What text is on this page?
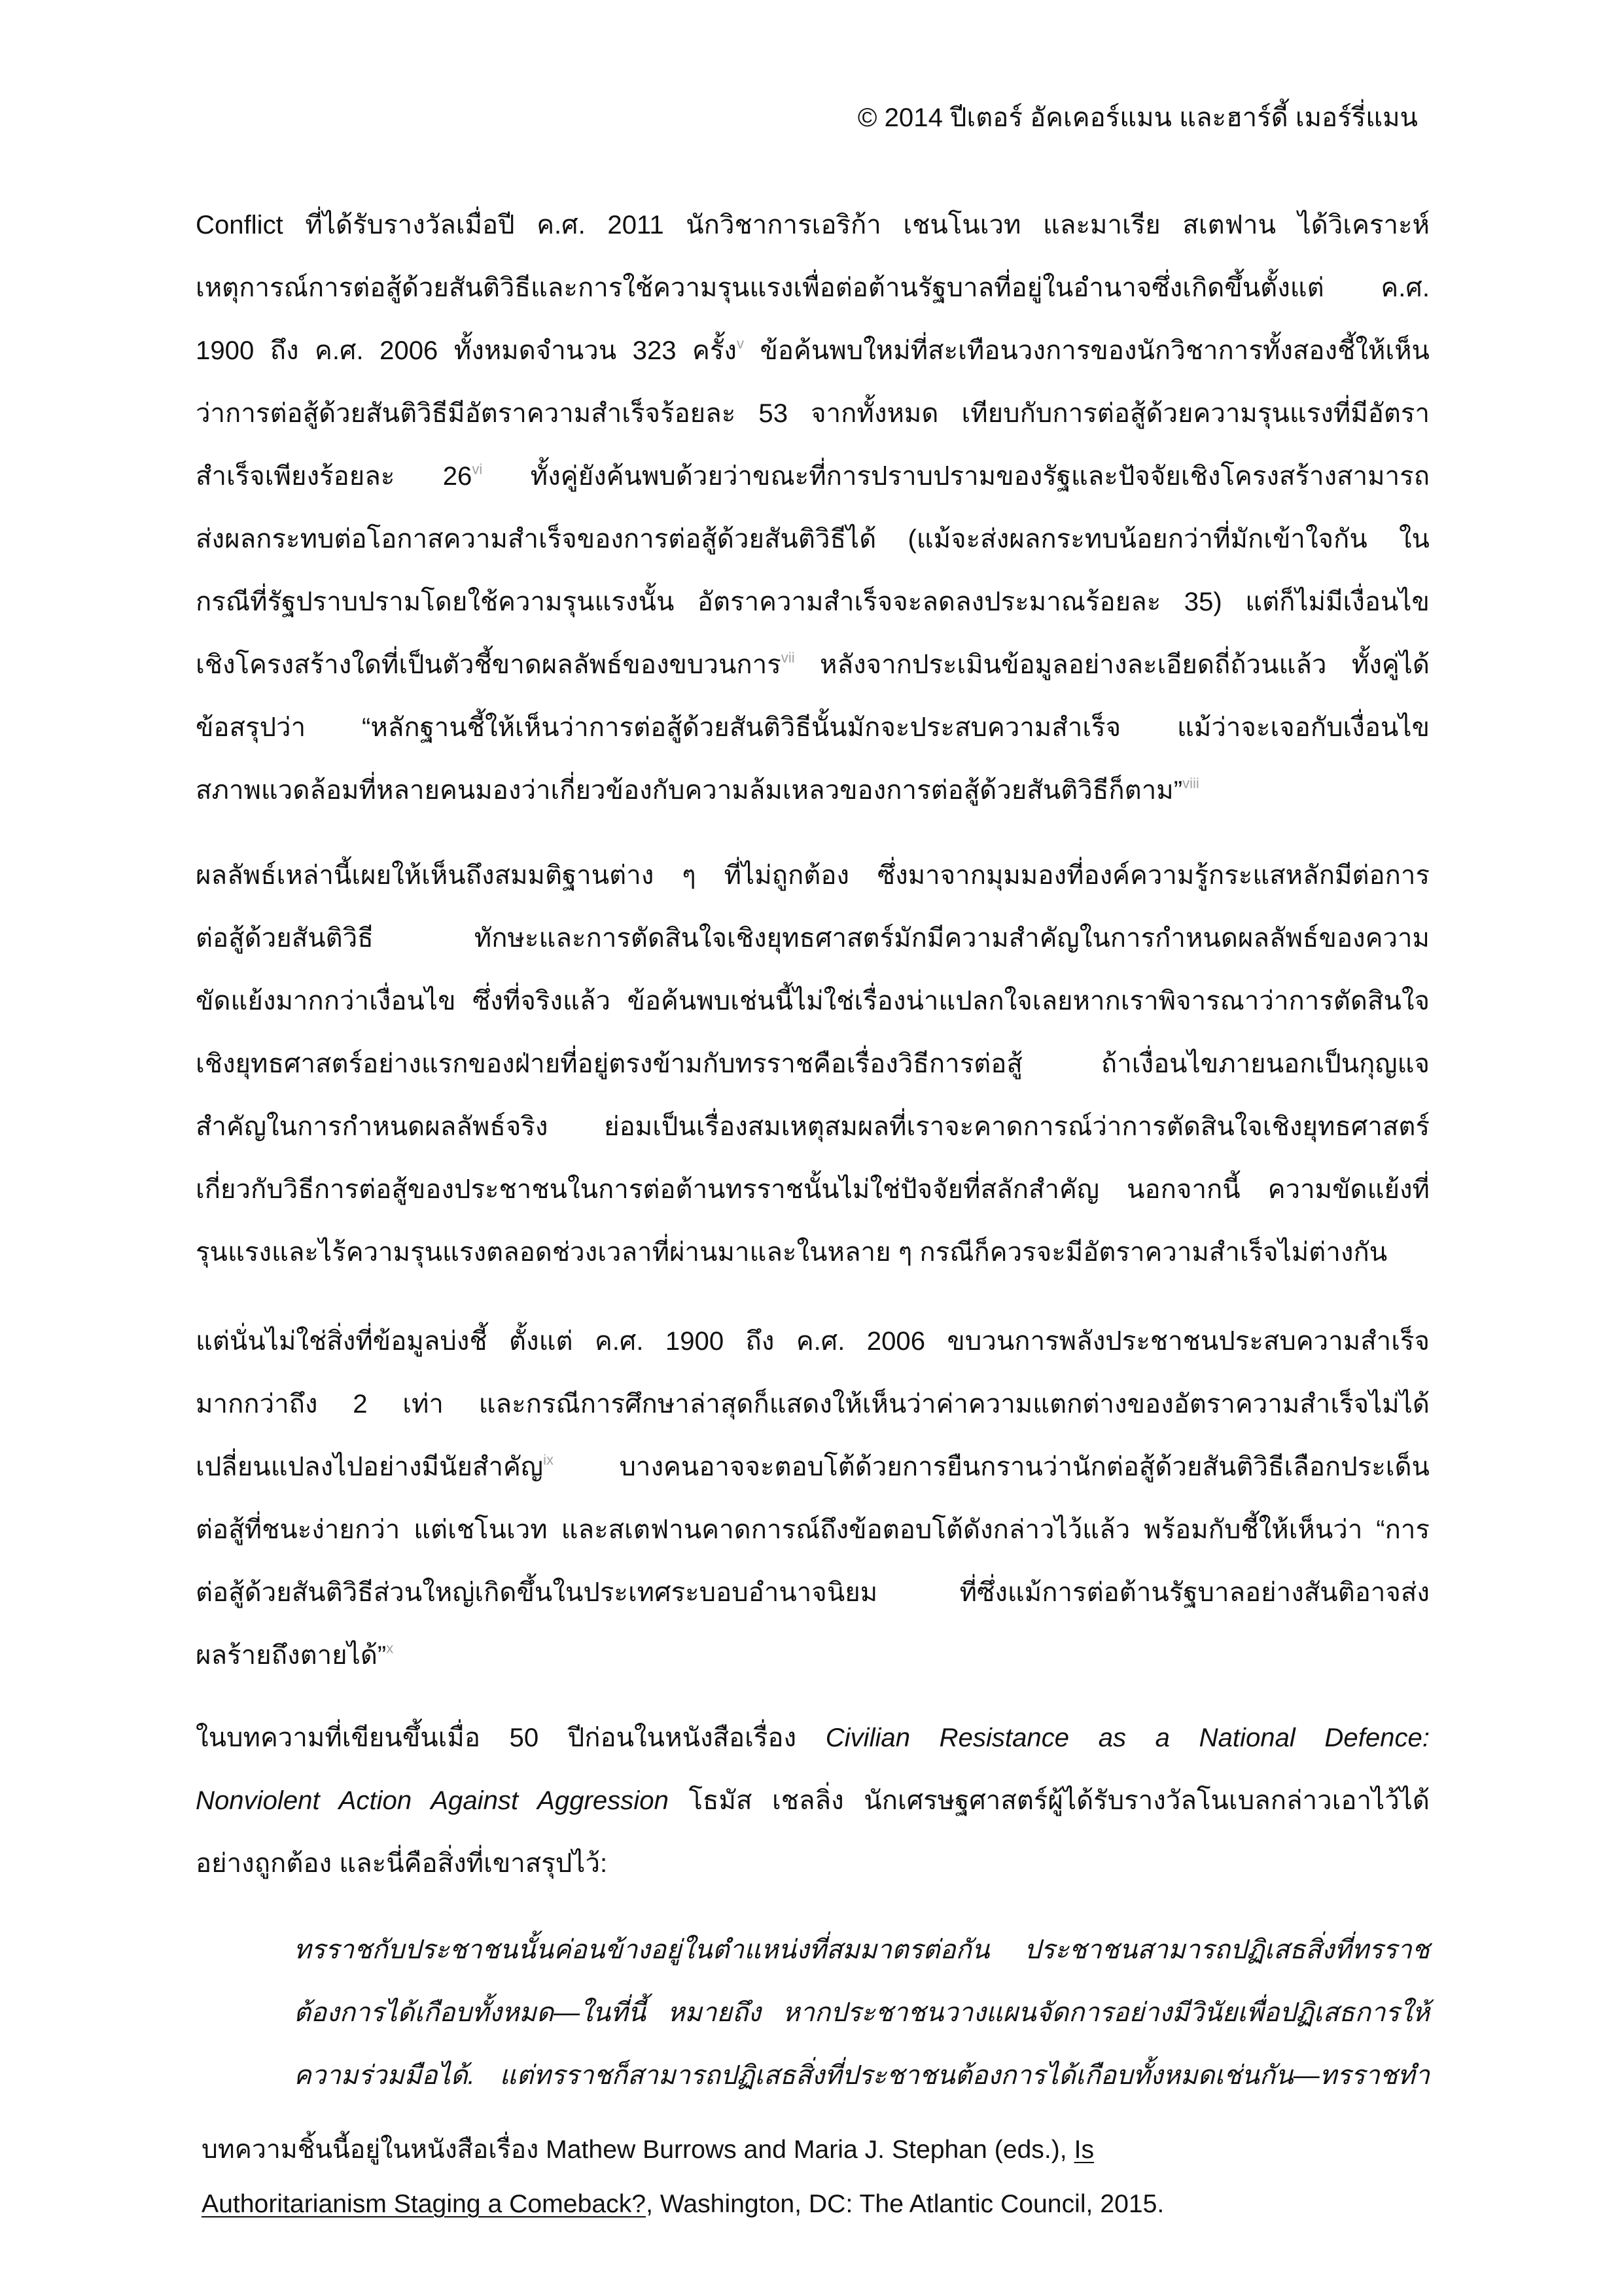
© 2014 ปีเตอร์ อัคเคอร์แมน และฮาร์ดี้ เมอร์รี่แมน
Conflict ที่ได้รับรางวัลเมื่อปี ค.ศ. 2011 นักวิชาการเอริก้า เชนโนเวท และมาเรีย สเตฟาน ได้วิเคราะห์
เหตุการณ์การต่อสู้ด้วยสันติวิธีและการใช้ความรุนแรงเพื่อต่อต้านรัฐบาลที่อยู่ในอำนาจซึ่งเกิดขึ้นตั้งแต่ ค.ศ.
1900 ถึง ค.ศ. 2006 ทั้งหมดจำนวน 323 ครั้ง$^v$ ข้อค้นพบใหม่ที่สะเทือนวงการของนักวิชาการทั้งสองชี้ให้เห็น
ว่าการต่อสู้ด้วยสันติวิธีมีอัตราความสำเร็จร้อยละ 53 จากทั้งหมด เทียบกับการต่อสู้ด้วยความรุนแรงที่มีอัตรา
สำเร็จเพียงร้อยละ 26$^{vi}$ ทั้งคู่ยังค้นพบด้วยว่าขณะที่การปราบปรามของรัฐและปัจจัยเชิงโครงสร้างสามารถ
ส่งผลกระทบต่อโอกาสความสำเร็จของการต่อสู้ด้วยสันติวิธีได้ (แม้จะส่งผลกระทบน้อยกว่าที่มักเข้าใจกัน ใน
กรณีที่รัฐปราบปรามโดยใช้ความรุนแรงนั้น อัตราความสำเร็จจะลดลงประมาณร้อยละ 35) แต่ก็ไม่มีเงื่อนไข
เชิงโครงสร้างใดที่เป็นตัวชี้ขาดผลลัพธ์ของขบวนการ$^{vii}$ หลังจากประเมินข้อมูลอย่างละเอียดถี่ถ้วนแล้ว ทั้งคู่ได้
ข้อสรุปว่า “หลักฐานชี้ให้เห็นว่าการต่อสู้ด้วยสันติวิธีนั้นมักจะประสบความสำเร็จ แม้ว่าจะเจอกับเงื่อนไข
สภาพแวดล้อมที่หลายคนมองว่าเกี่ยวข้องกับความล้มเหลวของการต่อสู้ด้วยสันติวิธีก็ตาม”$^{viii}$
ผลลัพธ์เหล่านี้เผยให้เห็นถึงสมมติฐานต่าง ๆ ที่ไม่ถูกต้อง ซึ่งมาจากมุมมองที่องค์ความรู้กระแสหลักมีต่อการ
ต่อสู้ด้วยสันติวิธี ทักษะและการตัดสินใจเชิงยุทธศาสตร์มักมีความสำคัญในการกำหนดผลลัพธ์ของความ
ขัดแย้งมากกว่าเงื่อนไข ซึ่งที่จริงแล้ว ข้อค้นพบเช่นนี้ไม่ใช่เรื่องน่าแปลกใจเลยหากเราพิจารณาว่าการตัดสินใจ
เชิงยุทธศาสตร์อย่างแรกของฝ่ายที่อยู่ตรงข้ามกับทรราชคือเรื่องวิธีการต่อสู้ ถ้าเงื่อนไขภายนอกเป็นกุญแจ
สำคัญในการกำหนดผลลัพธ์จริง ย่อมเป็นเรื่องสมเหตุสมผลที่เราจะคาดการณ์ว่าการตัดสินใจเชิงยุทธศาสตร์
เกี่ยวกับวิธีการต่อสู้ของประชาชนในการต่อต้านทรราชนั้นไม่ใช่ปัจจัยที่สลักสำคัญ นอกจากนี้ ความขัดแย้งที่
รุนแรงและไร้ความรุนแรงตลอดช่วงเวลาที่ผ่านมาและในหลาย ๆ กรณีก็ควรจะมีอัตราความสำเร็จไม่ต่างกัน
แต่นั่นไม่ใช่สิ่งที่ข้อมูลบ่งชี้ ตั้งแต่ ค.ศ. 1900 ถึง ค.ศ. 2006 ขบวนการพลังประชาชนประสบความสำเร็จ
มากกว่าถึง 2 เท่า และกรณีการศึกษาล่าสุดก็แสดงให้เห็นว่าค่าความแตกต่างของอัตราความสำเร็จไม่ได้
เปลี่ยนแปลงไปอย่างมีนัยสำคัญ$^{ix}$ บางคนอาจจะตอบโต้ด้วยการยืนกรานว่านักต่อสู้ด้วยสันติวิธีเลือกประเด็น
ต่อสู้ที่ชนะง่ายกว่า แต่เชโนเวท และสเตฟานคาดการณ์ถึงข้อตอบโต้ดังกล่าวไว้แล้ว พร้อมกับชี้ให้เห็นว่า “การ
ต่อสู้ด้วยสันติวิธีส่วนใหญ่เกิดขึ้นในประเทศระบอบอำนาจนิยม ที่ซึ่งแม้การต่อต้านรัฐบาลอย่างสันติอาจส่ง
ผลร้ายถึงตายได้”$^x$
ในบทความที่เขียนขึ้นเมื่อ 50 ปีก่อนในหนังสือเรื่อง Civilian Resistance as a National Defence:
Nonviolent Action Against Aggression โธมัส เชลลิ่ง นักเศรษฐศาสตร์ผู้ได้รับรางวัลโนเบลกล่าวเอาไว้ได้
อย่างถูกต้อง และนี่คือสิ่งที่เขาสรุปไว้:
ทรราชกับประชาชนนั้นค่อนข้างอยู่ในตำแหน่งที่สมมาตรต่อกัน ประชาชนสามารถปฏิเสธสิ่งที่ทรราช
ต้องการได้เกือบทั้งหมด—ในที่นี้ หมายถึง หากประชาชนวางแผนจัดการอย่างมีวินัยเพื่อปฏิเสธการให้
ความร่วมมือได้. แต่ทรราชก็สามารถปฏิเสธสิ่งที่ประชาชนต้องการได้เกือบทั้งหมดเช่นกัน—ทรราชทำ
บทความชิ้นนี้อยู่ในหนังสือเรื่อง Mathew Burrows and Maria J. Stephan (eds.), Is
Authoritarianism Staging a Comeback?, Washington, DC: The Atlantic Council, 2015.
